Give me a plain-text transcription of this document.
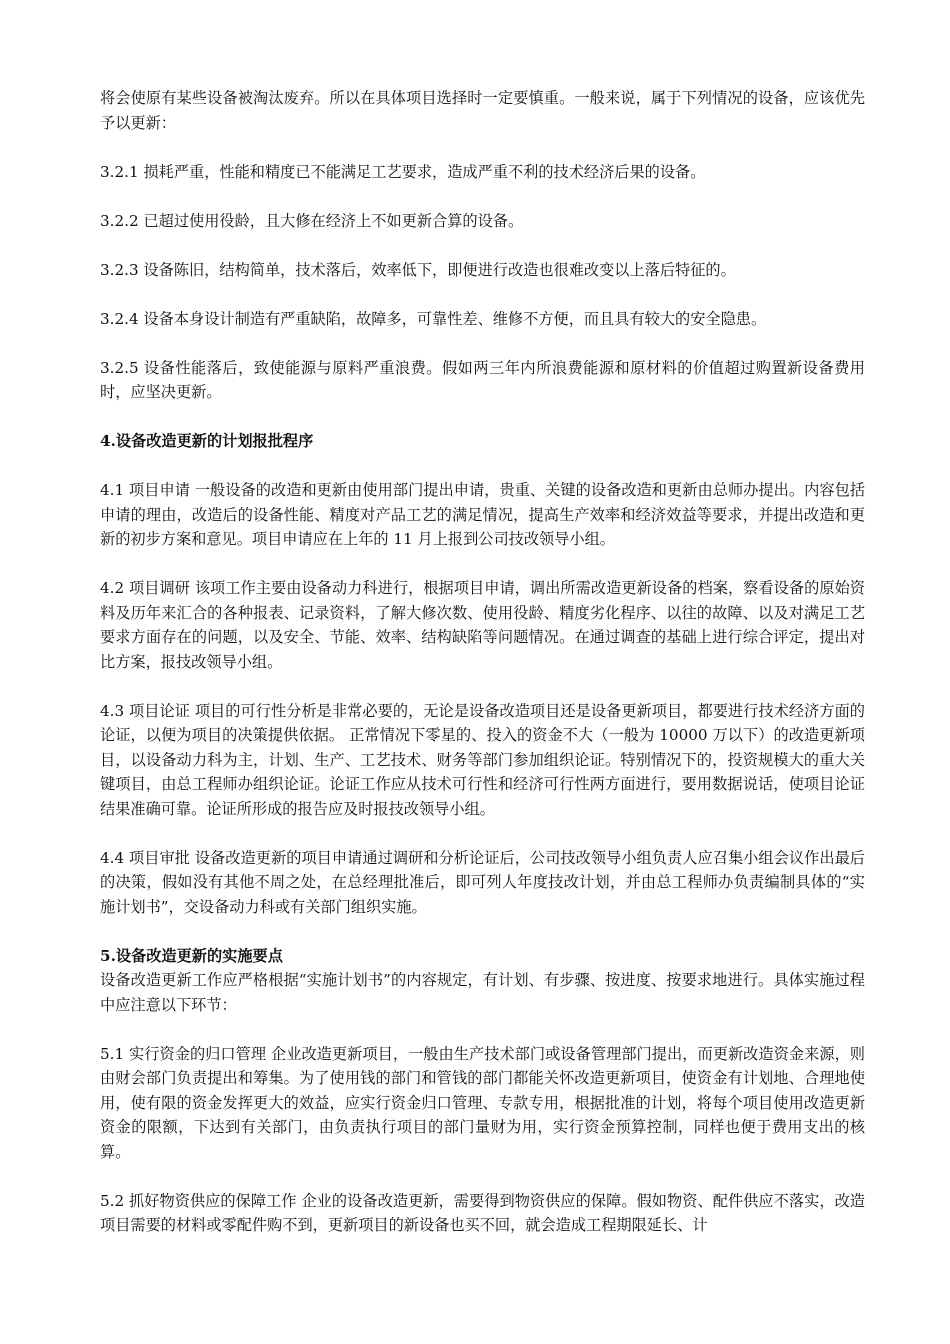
将会使原有某些设备被淘汰废弃。所以在具体项目选择时一定要慎重。一般来说，属于下列情况的设备，应该优先予以更新：

3.2.1 损耗严重，性能和精度已不能满足工艺要求，造成严重不利的技术经济后果的设备。

3.2.2 已超过使用役龄，且大修在经济上不如更新合算的设备。

3.2.3 设备陈旧，结构简单，技术落后，效率低下，即便进行改造也很难改变以上落后特征的。

3.2.4 设备本身设计制造有严重缺陷，故障多，可靠性差、维修不方便，而且具有较大的安全隐患。

3.2.5 设备性能落后，致使能源与原料严重浪费。假如两三年内所浪费能源和原材料的价值超过购置新设备费用时，应坚决更新。

4.设备改造更新的计划报批程序

4.1 项目申请 一般设备的改造和更新由使用部门提出申请，贵重、关键的设备改造和更新由总师办提出。内容包括申请的理由，改造后的设备性能、精度对产品工艺的满足情况，提高生产效率和经济效益等要求，并提出改造和更新的初步方案和意见。项目申请应在上年的 11 月上报到公司技改领导小组。

4.2 项目调研 该项工作主要由设备动力科进行，根据项目申请，调出所需改造更新设备的档案，察看设备的原始资料及历年来汇合的各种报表、记录资料，了解大修次数、使用役龄、精度劣化程序、以往的故障、以及对满足工艺要求方面存在的问题，以及安全、节能、效率、结构缺陷等问题情况。在通过调查的基础上进行综合评定，提出对比方案，报技改领导小组。

4.3 项目论证 项目的可行性分析是非常必要的，无论是设备改造项目还是设备更新项目，都要进行技术经济方面的论证，以便为项目的决策提供依据。 正常情况下零星的、投入的资金不大（一般为 10000 万以下）的改造更新项目，以设备动力科为主，计划、生产、工艺技术、财务等部门参加组织论证。特别情况下的，投资规模大的重大关键项目，由总工程师办组织论证。论证工作应从技术可行性和经济可行性两方面进行，要用数据说话，使项目论证结果准确可靠。论证所形成的报告应及时报技改领导小组。

4.4 项目审批 设备改造更新的项目申请通过调研和分析论证后，公司技改领导小组负责人应召集小组会议作出最后的决策，假如没有其他不周之处，在总经理批准后，即可列人年度技改计划，并由总工程师办负责编制具体的“实施计划书”，交设备动力科或有关部门组织实施。

5.设备改造更新的实施要点

设备改造更新工作应严格根据“实施计划书”的内容规定，有计划、有步骤、按进度、按要求地进行。具体实施过程中应注意以下环节：

5.1 实行资金的归口管理 企业改造更新项目，一般由生产技术部门或设备管理部门提出，而更新改造资金来源，则由财会部门负责提出和筹集。为了使用钱的部门和管钱的部门都能关怀改造更新项目，使资金有计划地、合理地使用，使有限的资金发挥更大的效益，应实行资金归口管理、专款专用，根据批准的计划，将每个项目使用改造更新资金的限额，下达到有关部门，由负责执行项目的部门量财为用，实行资金预算控制，同样也便于费用支出的核算。

5.2 抓好物资供应的保障工作 企业的设备改造更新，需要得到物资供应的保障。假如物资、配件供应不落实，改造项目需要的材料或零配件购不到，更新项目的新设备也买不回，就会造成工程期限延长、计
